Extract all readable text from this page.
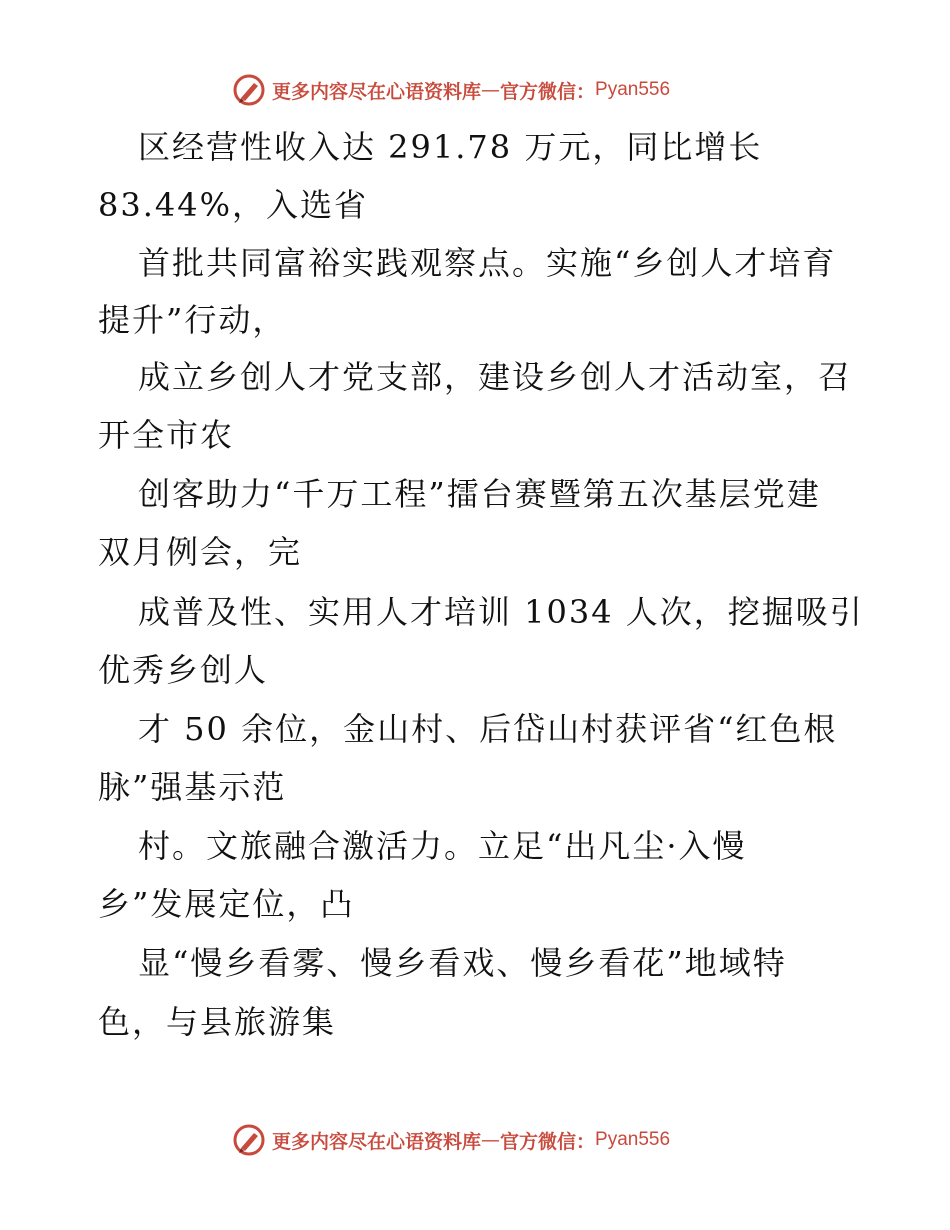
更多内容尽在心语资料库 — 官方微信： Pyan556
区经营性收入达 291.78 万元，同比增长
83.44%，入选省
首批共同富裕实践观察点。实施“乡创人才培育
提升”行动，
成立乡创人才党支部，建设乡创人才活动室，召
开全市农
创客助力“千万工程”擂台赛暨第五次基层党建
双月例会，完
成普及性、实用人才培训 1034 人次，挖掘吸引
优秀乡创人
才 50 余位，金山村、后岱山村获评省“红色根
脉”强基示范
村。文旅融合激活力。立足“出凡尘·入慢
乡”发展定位，凸
显“慢乡看雾、慢乡看戏、慢乡看花”地域特
色，与县旅游集
更多内容尽在心语资料库 — 官方微信： Pyan556
